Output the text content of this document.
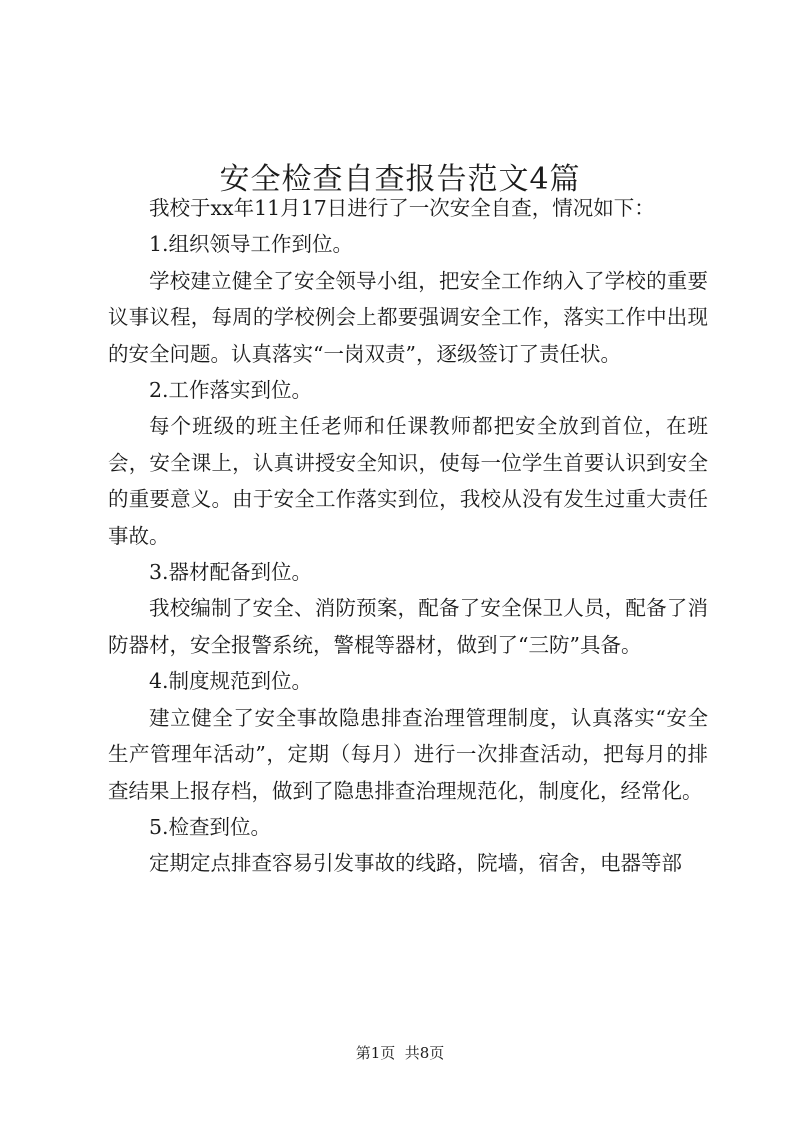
安全检查自查报告范文4篇

我校于xx年11月17日进行了一次安全自查，情况如下：

1.组织领导工作到位。

学校建立健全了安全领导小组，把安全工作纳入了学校的重要议事议程，每周的学校例会上都要强调安全工作，落实工作中出现的安全问题。认真落实“一岗双责”，逐级签订了责任状。

2.工作落实到位。

每个班级的班主任老师和任课教师都把安全放到首位，在班会，安全课上，认真讲授安全知识，使每一位学生首要认识到安全的重要意义。由于安全工作落实到位，我校从没有发生过重大责任事故。

3.器材配备到位。

我校编制了安全、消防预案，配备了安全保卫人员，配备了消防器材，安全报警系统，警棍等器材，做到了“三防”具备。

4.制度规范到位。

建立健全了安全事故隐患排查治理管理制度，认真落实“安全生产管理年活动”，定期（每月）进行一次排查活动，把每月的排查结果上报存档，做到了隐患排查治理规范化，制度化，经常化。

5.检查到位。

定期定点排查容易引发事故的线路，院墙，宿舍，电器等部

第1页  共8页
